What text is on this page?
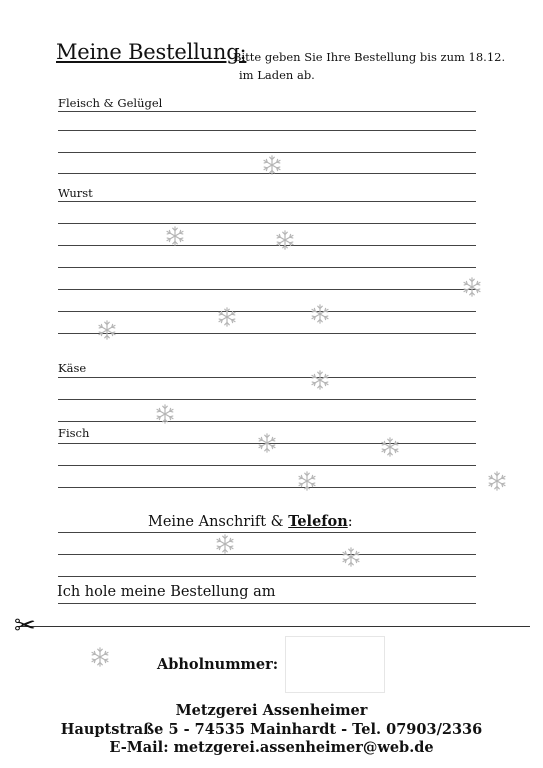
Meine Bestellung:
Bitte geben Sie Ihre Bestellung bis zum 18.12.
im Laden ab.
Fleisch & Gelügel
Wurst
Käse
Fisch
Meine Anschrift & Telefon:
Ich hole meine Bestellung am
✂
Abholnummer:
Metzgerei Assenheimer
Hauptstraße 5 - 74535 Mainhardt - Tel. 07903/2336
E-Mail: metzgerei.assenheimer@web.de
